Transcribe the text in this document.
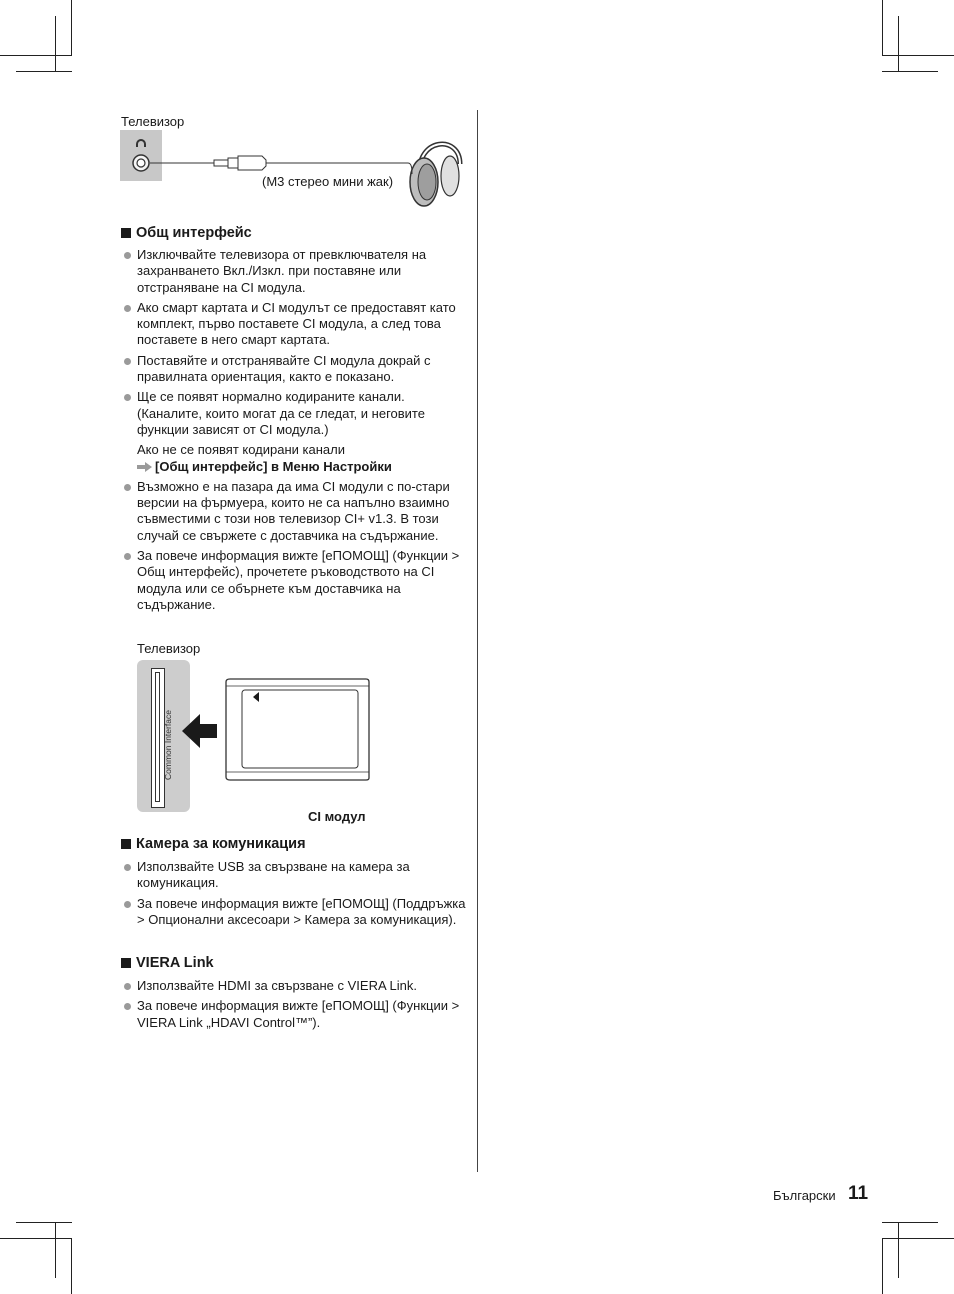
Телевизор
(M3 стерео мини жак)
Общ интерфейс
Изключвайте телевизора от превключвателя на захранването Вкл./Изкл. при поставяне или отстраняване на CI модула.
Ако смарт картата и CI модулът се предоставят като комплект, първо поставете CI модула, а след това поставете в него смарт картата.
Поставяйте и отстранявайте CI модула докрай с правилната ориентация, както е показано.
Ще се появят нормално кодираните канали. (Каналите, които могат да се гледат, и неговите функции зависят от CI модула.)
Ако не се появят кодирани канали
[Общ интерфейс] в Меню Настройки
Възможно е на пазара да има CI модули с по-стари версии на фърмуера, които не са напълно взаимно съвместими с този нов телевизор CI+ v1.3. В този случай се свържете с доставчика на съдържание.
За повече информация вижте [еПОМОЩ] (Функции > Общ интерфейс), прочетете ръководството на CI модула или се обърнете към доставчика на съдържание.
Телевизор
Common Interface
CI модул
Камера за комуникация
Използвайте USB за свързване на камера за комуникация.
За повече информация вижте [еПОМОЩ] (Поддръжка > Опционални аксесоари > Камера за комуникация).
VIERA Link
Използвайте HDMI за свързване с VIERA Link.
За повече информация вижте [еПОМОЩ] (Функции > VIERA Link „HDAVI Control™”).
Български 11
